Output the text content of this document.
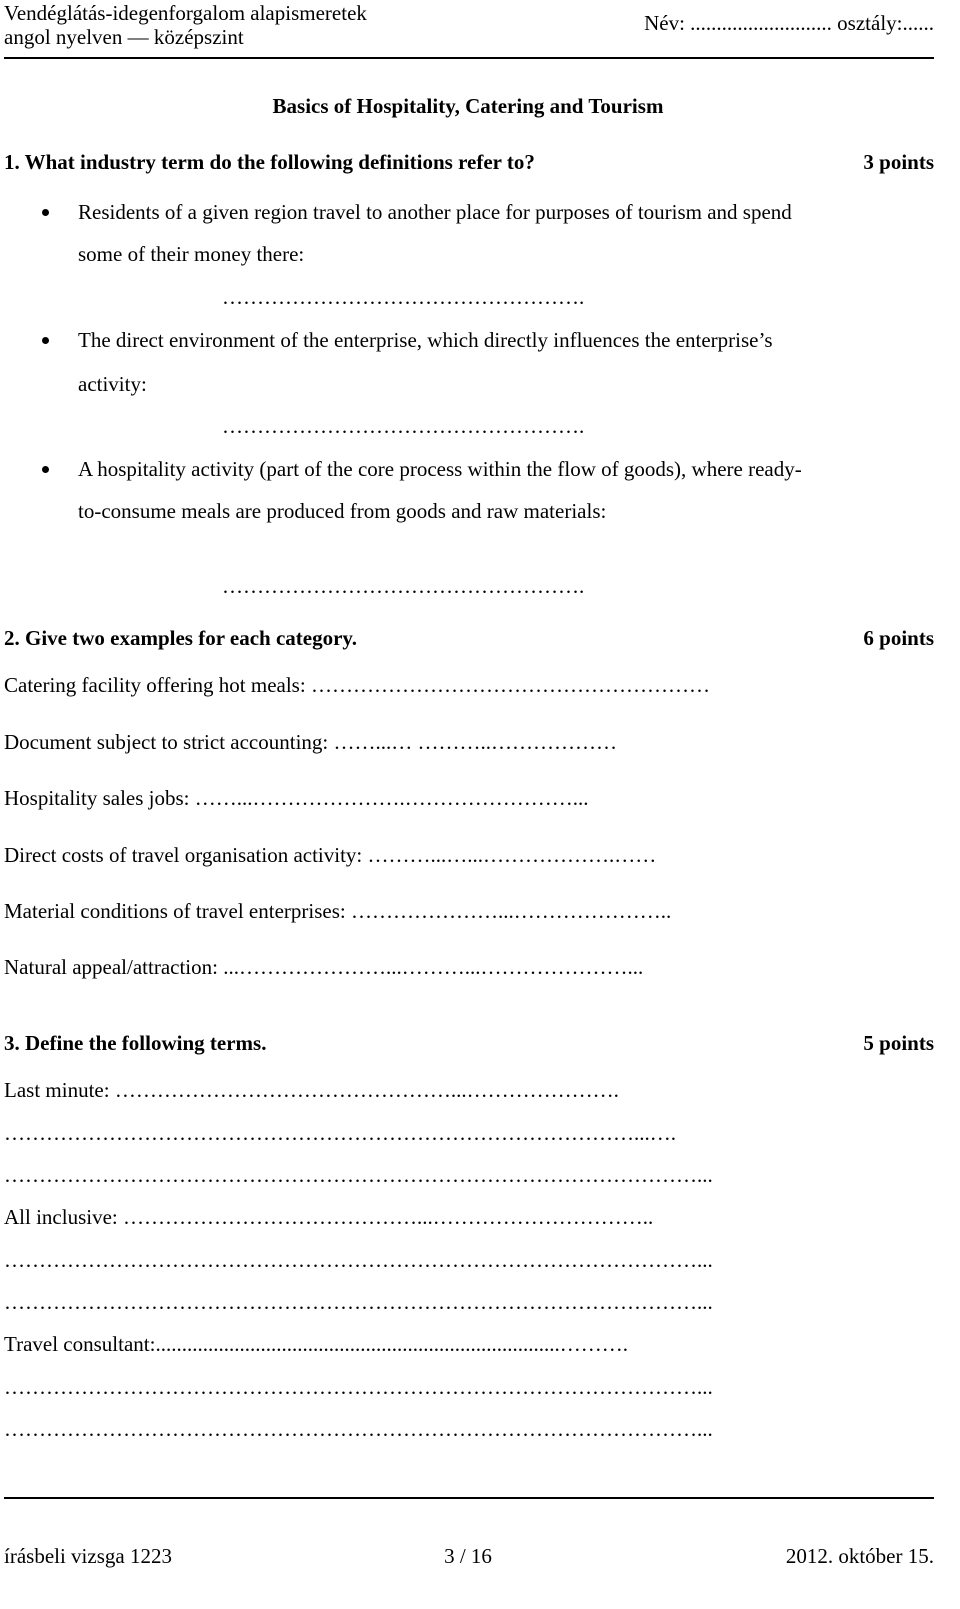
Vendéglátás-idegenforgalom alapismeretek
angol nyelven — középszint
Név: ........................... osztály:......
Basics of Hospitality, Catering and Tourism
1. What industry term do the following definitions refer to?	3 points
Residents of a given region travel to another place for purposes of tourism and spend
some of their money there:
…………………………………………….
The direct environment of the enterprise, which directly influences the enterprise’s
activity:
…………………………………………….
A hospitality activity (part of the core process within the flow of goods), where ready-
to-consume meals are produced from goods and raw materials:
…………………………………………….
2. Give two examples for each category.	6 points
Catering facility offering hot meals: …………………………………………………
Document subject to strict accounting: ……...… ………..………………
Hospitality sales jobs: ……...………………….……………………...
Direct costs of travel organisation activity: ………...…...……………….……
Material conditions of travel enterprises: …………………...…………………..
Natural appeal/attraction: ...…………………...………...…………………...
3. Define the following terms.	5 points
Last minute: …………………………………………...………………….
………………………………………………………………………………...….
………………………………………………………………………………………...
All inclusive: ……………………………………...…………………………..
………………………………………………………………………………………...
………………………………………………………………………………………...
Travel consultant:.............................................................................……….
………………………………………………………………………………………...
………………………………………………………………………………………...
írásbeli vizsga 1223	3 / 16	2012. október 15.
